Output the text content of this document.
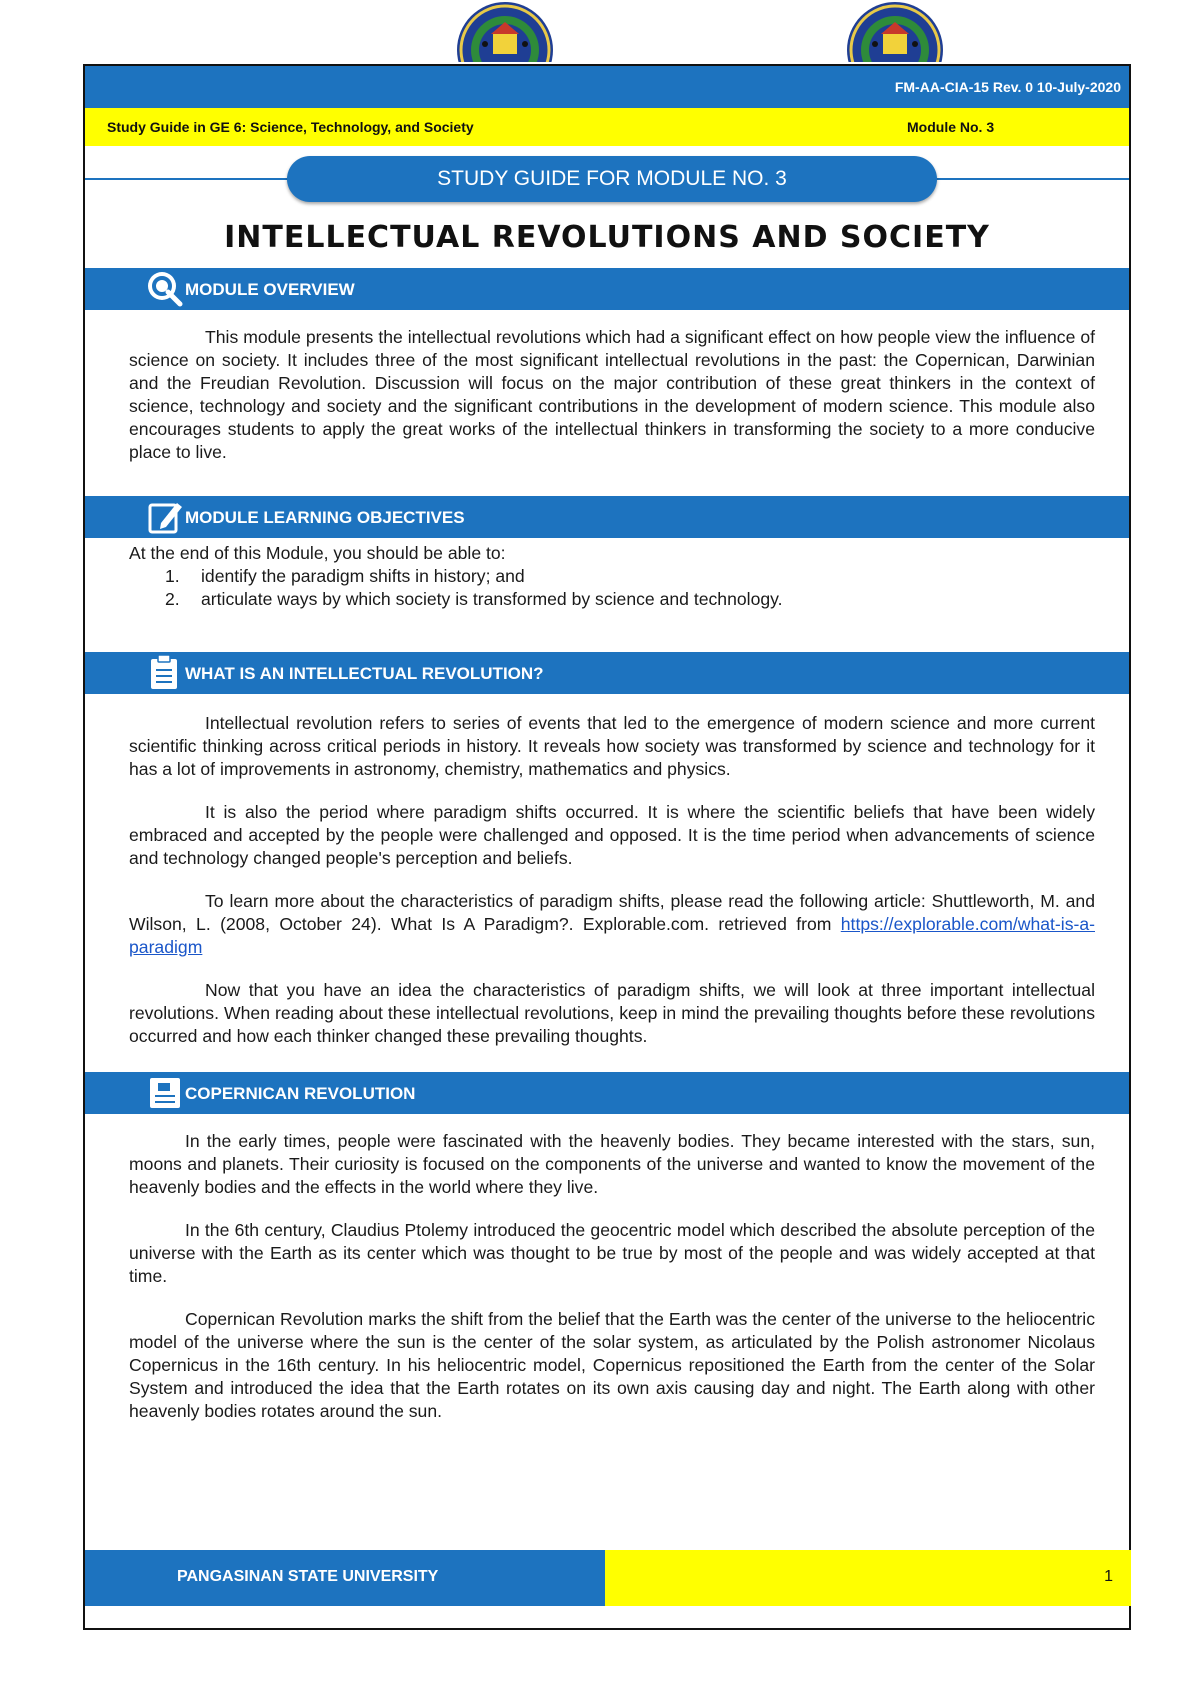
FM-AA-CIA-15 Rev. 0 10-July-2020
Study Guide in GE 6: Science, Technology, and Society	Module No. 3
STUDY GUIDE FOR MODULE NO. 3
INTELLECTUAL REVOLUTIONS AND SOCIETY
MODULE OVERVIEW

This module presents the intellectual revolutions which had a significant effect on how people view the influence of science on society. It includes three of the most significant intellectual revolutions in the past: the Copernican, Darwinian and the Freudian Revolution. Discussion will focus on the major contribution of these great thinkers in the context of science, technology and society and the significant contributions in the development of modern science. This module also encourages students to apply the great works of the intellectual thinkers in transforming the society to a more conducive place to live.

MODULE LEARNING OBJECTIVES
At the end of this Module, you should be able to:
1. identify the paradigm shifts in history; and
2. articulate ways by which society is transformed by science and technology.
WHAT IS AN INTELLECTUAL REVOLUTION?

Intellectual revolution refers to series of events that led to the emergence of modern science and more current scientific thinking across critical periods in history. It reveals how society was transformed by science and technology for it has a lot of improvements in astronomy, chemistry, mathematics and physics.

It is also the period where paradigm shifts occurred. It is where the scientific beliefs that have been widely embraced and accepted by the people were challenged and opposed. It is the time period when advancements of science and technology changed people's perception and beliefs.

To learn more about the characteristics of paradigm shifts, please read the following article: Shuttleworth, M. and Wilson, L. (2008, October 24). What Is A Paradigm?. Explorable.com. retrieved from https://explorable.com/what-is-a-paradigm

Now that you have an idea the characteristics of paradigm shifts, we will look at three important intellectual revolutions. When reading about these intellectual revolutions, keep in mind the prevailing thoughts before these revolutions occurred and how each thinker changed these prevailing thoughts.

COPERNICAN REVOLUTION

In the early times, people were fascinated with the heavenly bodies. They became interested with the stars, sun, moons and planets. Their curiosity is focused on the components of the universe and wanted to know the movement of the heavenly bodies and the effects in the world where they live.

In the 6th century, Claudius Ptolemy introduced the geocentric model which described the absolute perception of the universe with the Earth as its center which was thought to be true by most of the people and was widely accepted at that time.

Copernican Revolution marks the shift from the belief that the Earth was the center of the universe to the heliocentric model of the universe where the sun is the center of the solar system, as articulated by the Polish astronomer Nicolaus Copernicus in the 16th century. In his heliocentric model, Copernicus repositioned the Earth from the center of the Solar System and introduced the idea that the Earth rotates on its own axis causing day and night. The Earth along with other heavenly bodies rotates around the sun.

PANGASINAN STATE UNIVERSITY	1
